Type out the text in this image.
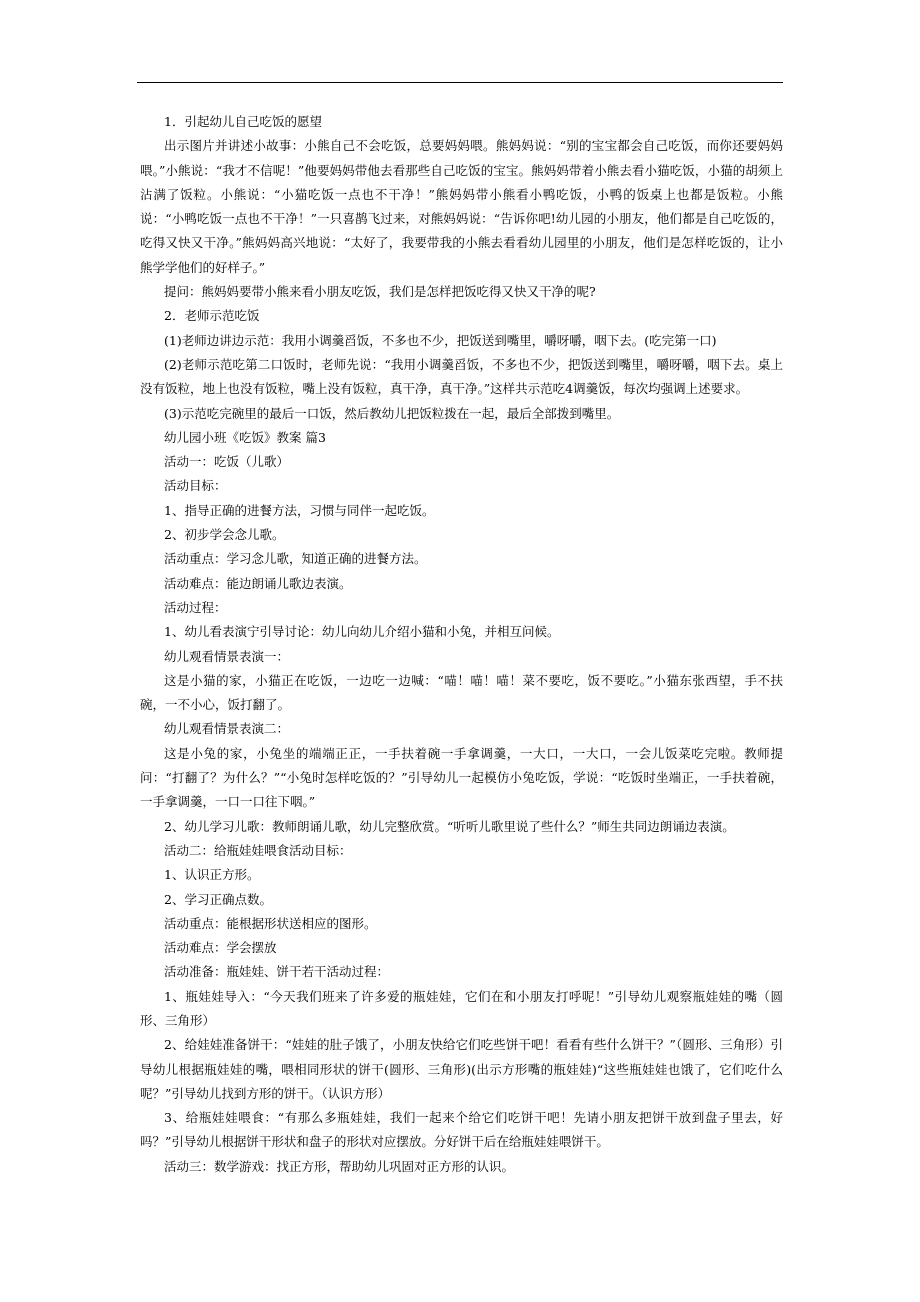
1．引起幼儿自己吃饭的愿望

出示图片并讲述小故事：小熊自己不会吃饭，总要妈妈喂。熊妈妈说：“别的宝宝都会自己吃饭，而你还要妈妈喂。”小熊说：“我才不信呢！”他要妈妈带他去看那些自己吃饭的宝宝。熊妈妈带着小熊去看小猫吃饭，小猫的胡须上沾满了饭粒。小熊说：“小猫吃饭一点也不干净！”熊妈妈带小熊看小鸭吃饭，小鸭的饭桌上也都是饭粒。小熊说：“小鸭吃饭一点也不干净！”一只喜鹊飞过来，对熊妈妈说：“告诉你吧!幼儿园的小朋友，他们都是自己吃饭的，吃得又快又干净。”熊妈妈高兴地说：“太好了，我要带我的小熊去看看幼儿园里的小朋友，他们是怎样吃饭的，让小熊学学他们的好样子。”

提问：熊妈妈要带小熊来看小朋友吃饭，我们是怎样把饭吃得又快又干净的呢?

2．老师示范吃饭

(1)老师边讲边示范：我用小调羹舀饭，不多也不少，把饭送到嘴里，嚼呀嚼，咽下去。(吃完第一口)

(2)老师示范吃第二口饭时，老师先说：“我用小调羹舀饭，不多也不少，把饭送到嘴里，嚼呀嚼，咽下去。桌上没有饭粒，地上也没有饭粒，嘴上没有饭粒，真干净，真干净。”这样共示范吃4调羹饭，每次均强调上述要求。

(3)示范吃完碗里的最后一口饭，然后教幼儿把饭粒拨在一起，最后全部拨到嘴里。

幼儿园小班《吃饭》教案 篇3

活动一：吃饭（儿歌）

活动目标：

1、指导正确的进餐方法，习惯与同伴一起吃饭。

2、初步学会念儿歌。

活动重点：学习念儿歌，知道正确的进餐方法。

活动难点：能边朗诵儿歌边表演。

活动过程：

1、幼儿看表演宁引导讨论：幼儿向幼儿介绍小猫和小兔，并相互问候。

幼儿观看情景表演一：

这是小猫的家，小猫正在吃饭，一边吃一边喊：“喵！喵！喵！菜不要吃，饭不要吃。”小猫东张西望，手不扶碗，一不小心，饭打翻了。

幼儿观看情景表演二：

这是小兔的家，小兔坐的端端正正，一手扶着碗一手拿调羹，一大口，一大口，一会儿饭菜吃完啦。教师提问：“打翻了？为什么？”“小兔时怎样吃饭的？”引导幼儿一起模仿小兔吃饭，学说：“吃饭时坐端正，一手扶着碗，一手拿调羹，一口一口往下咽。”

2、幼儿学习儿歌：教师朗诵儿歌，幼儿完整欣赏。“听听儿歌里说了些什么？”师生共同边朗诵边表演。

活动二：给瓶娃娃喂食活动目标：

1、认识正方形。

2、学习正确点数。

活动重点：能根据形状送相应的图形。

活动难点：学会摆放

活动准备：瓶娃娃、饼干若干活动过程：

1、瓶娃娃导入：“今天我们班来了许多爱的瓶娃娃，它们在和小朋友打呼呢！”引导幼儿观察瓶娃娃的嘴（圆形、三角形）

2、给娃娃准备饼干：“娃娃的肚子饿了，小朋友快给它们吃些饼干吧！看看有些什么饼干？”（圆形、三角形）引导幼儿根据瓶娃娃的嘴，喂相同形状的饼干(圆形、三角形)(出示方形嘴的瓶娃娃)“这些瓶娃娃也饿了，它们吃什么呢？”引导幼儿找到方形的饼干。（认识方形）

3、给瓶娃娃喂食：“有那么多瓶娃娃，我们一起来个给它们吃饼干吧！先请小朋友把饼干放到盘子里去，好吗？”引导幼儿根据饼干形状和盘子的形状对应摆放。分好饼干后在给瓶娃娃喂饼干。

活动三：数学游戏：找正方形，帮助幼儿巩固对正方形的认识。
